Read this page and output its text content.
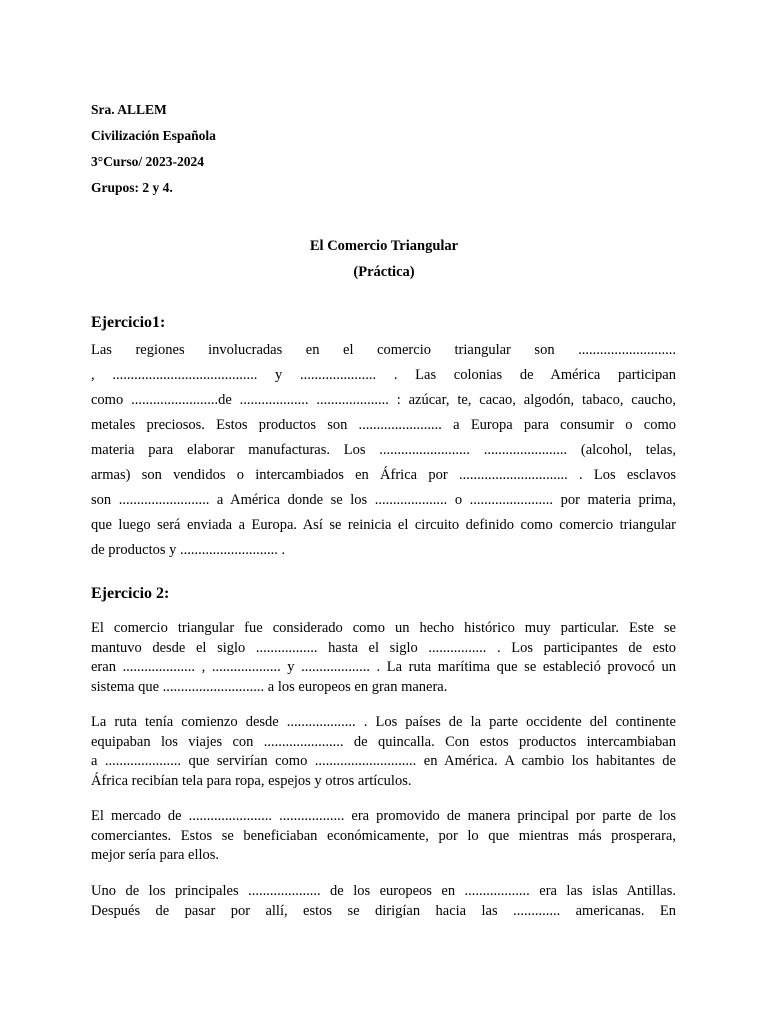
Sra. ALLEM
Civilización Española
3°Curso/ 2023-2024
Grupos: 2 y 4.
El Comercio Triangular
(Práctica)
Ejercicio1:
Las regiones involucradas en el comercio triangular son ...........................
, ........................................ y ..................... . Las colonias de América participan
como ........................de ................... .................... : azúcar, te, cacao, algodón, tabaco, caucho,
metales preciosos. Estos productos son ....................... a Europa para consumir o como
materia para elaborar manufacturas. Los ......................... ....................... (alcohol, telas,
armas) son vendidos o intercambiados en África por .............................. . Los esclavos
son ......................... a América donde se los .................... o ....................... por materia prima,
que luego será enviada a Europa. Así se reinicia el circuito definido como comercio triangular
de productos y ........................... .
Ejercicio 2:
El comercio triangular fue considerado como un hecho histórico muy particular. Este se
mantuvo desde el siglo ................. hasta el siglo ................ . Los participantes de esto
eran .................... , ................... y ................... . La ruta marítima que se estableció provocó un
sistema que ............................ a los europeos en gran manera.
La ruta tenía comienzo desde ................... . Los países de la parte occidente del continente
equipaban los viajes con ...................... de quincalla. Con estos productos intercambiaban
a ..................... que servirían como ............................ en América. A cambio los habitantes de
África recibían tela para ropa, espejos y otros artículos.
El mercado de ....................... .................. era promovido de manera principal por parte de los
comerciantes. Estos se beneficiaban económicamente, por lo que mientras más prosperara,
mejor sería para ellos.
Uno de los principales .................... de los europeos en .................. era las islas Antillas.
Después de pasar por allí, estos se dirigían hacia las ............. americanas. En
